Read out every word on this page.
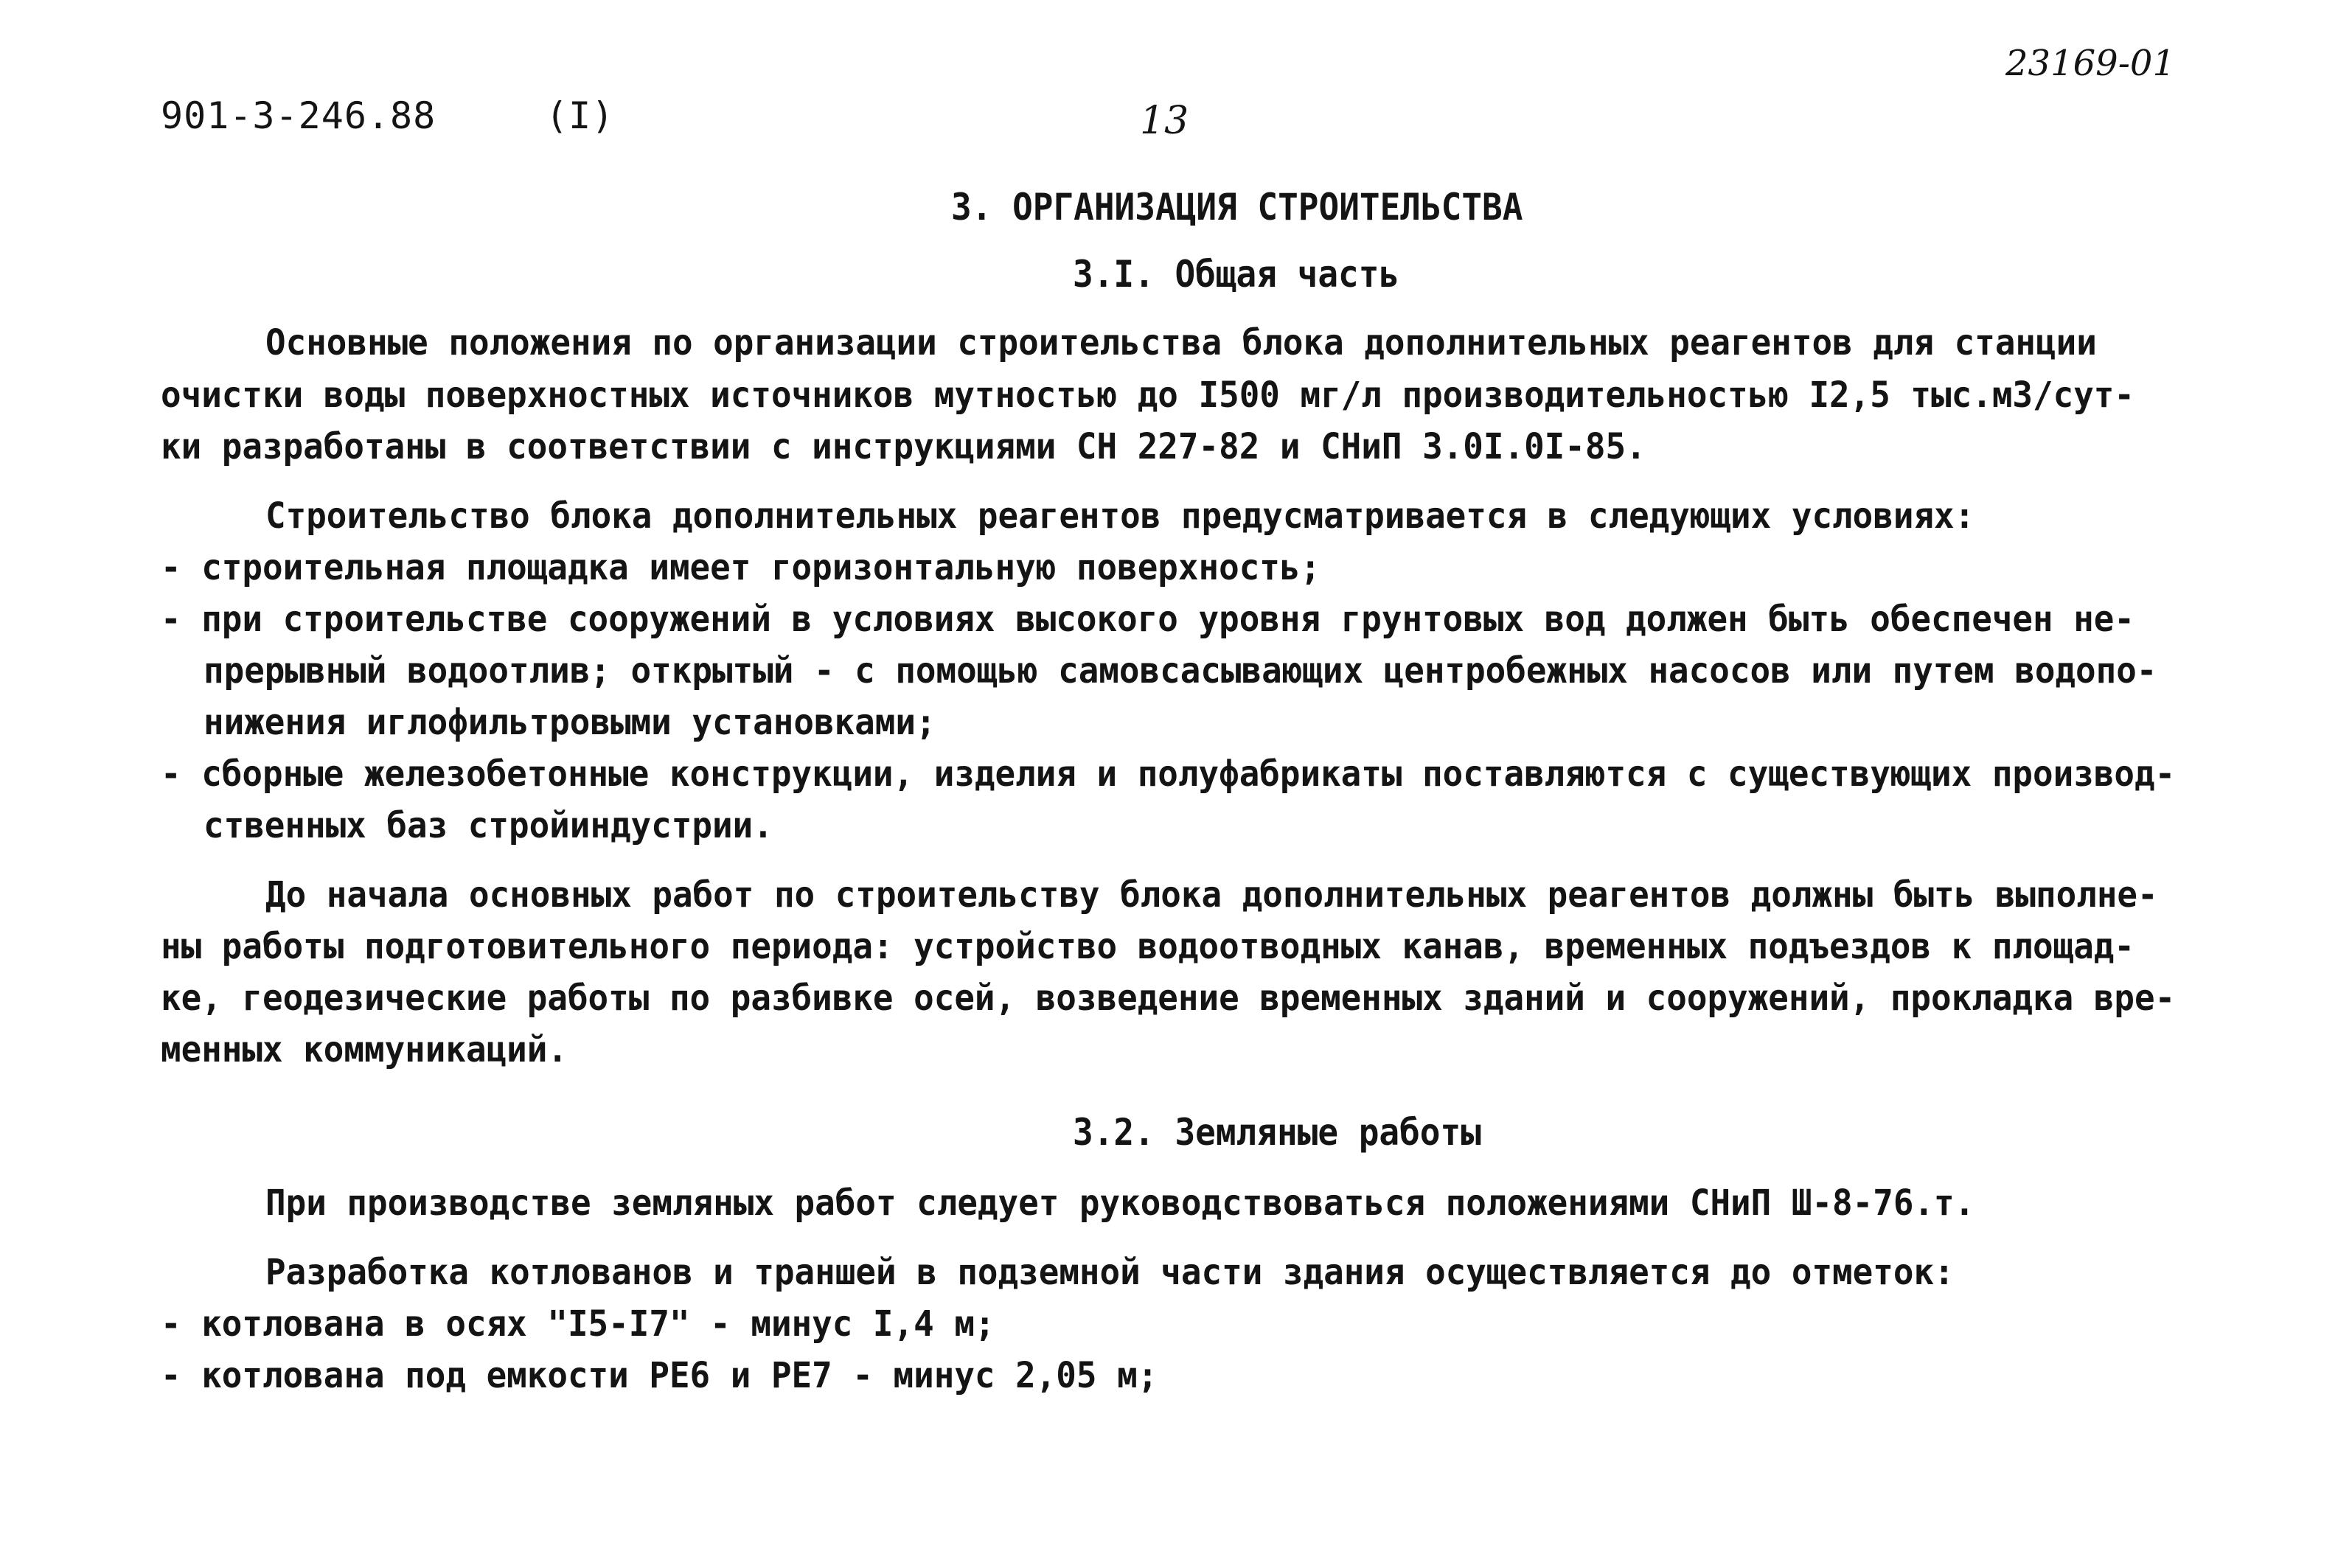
901-3-246.88	(I)	13
23169-01
3. ОРГАНИЗАЦИЯ СТРОИТЕЛЬСТВА
3.I. Общая часть
Основные положения по организации строительства блока дополнительных реагентов для станции
очистки воды поверхностных источников мутностью до I500 мг/л производительностью I2,5 тыс.м3/сут-
ки разработаны в соответствии с инструкциями СН 227-82 и СНиП 3.0I.0I-85.
Строительство блока дополнительных реагентов предусматривается в следующих условиях:
- строительная площадка имеет горизонтальную поверхность;
- при строительстве сооружений в условиях высокого уровня грунтовых вод должен быть обеспечен не-
прерывный водоотлив; открытый - с помощью самовсасывающих центробежных насосов или путем водопо-
нижения иглофильтровыми установками;
- сборные железобетонные конструкции, изделия и полуфабрикаты поставляются с существующих производ-
ственных баз стройиндустрии.
До начала основных работ по строительству блока дополнительных реагентов должны быть выполне-
ны работы подготовительного периода: устройство водоотводных канав, временных подъездов к площад-
ке, геодезические работы по разбивке осей, возведение временных зданий и сооружений, прокладка вре-
менных коммуникаций.
3.2. Земляные работы
При производстве земляных работ следует руководствоваться положениями СНиП Ш-8-76.т.
Разработка котлованов и траншей в подземной части здания осуществляется до отметок:
- котлована в осях "I5-I7" - минус I,4 м;
- котлована под емкости РЕ6 и РЕ7 - минус 2,05 м;
